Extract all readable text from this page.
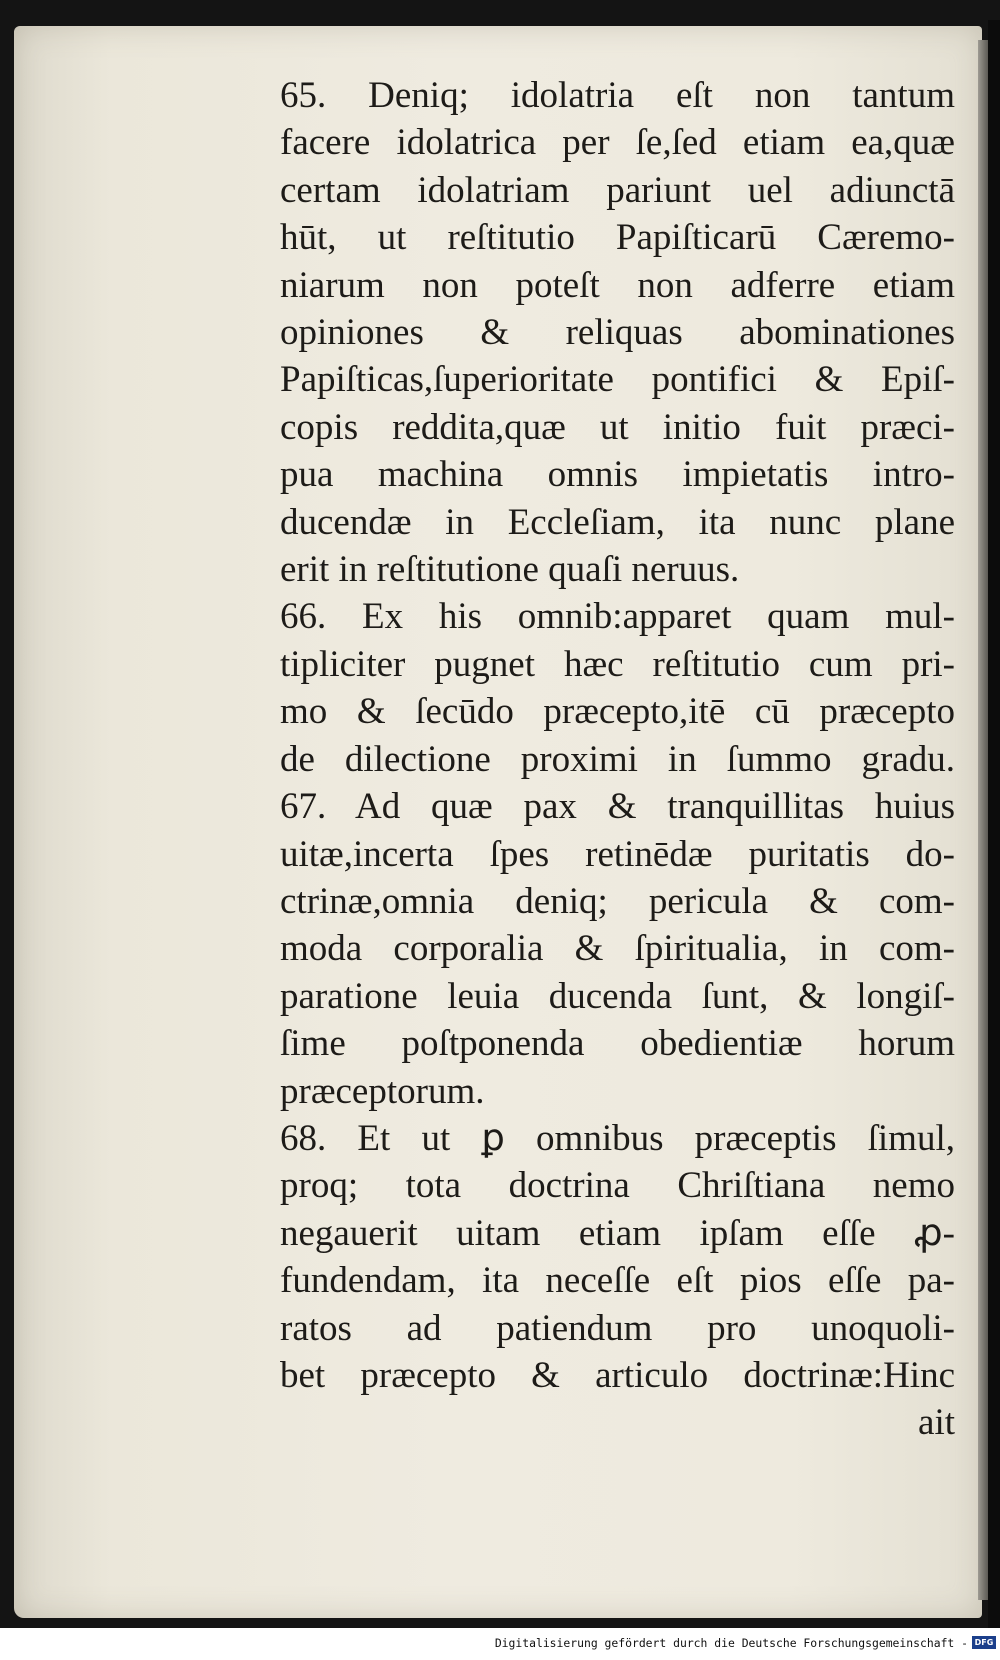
65. Deniq; idolatria eſt non tantum
facere idolatrica per ſe,ſed etiam ea,quæ
certam idolatriam pariunt uel adiunctā
hūt, ut reſtitutio Papiſticarū Cæremo-
niarum non poteſt non adferre etiam
opiniones & reliquas abominationes
Papiſticas,ſuperioritate pontifici & Epiſ-
copis reddita,quæ ut initio fuit præci-
pua machina omnis impietatis intro-
ducendæ in Eccleſiam, ita nunc plane
erit in reſtitutione quaſi neruus.
66. Ex his omnib:apparet quam mul-
tipliciter pugnet hæc reſtitutio cum pri-
mo & ſecūdo præcepto,itē cū præcepto
de dilectione proximi in ſummo gradu.
67. Ad quæ pax & tranquillitas huius
uitæ,incerta ſpes retinēdæ puritatis do-
ctrinæ,omnia deniq; pericula & com-
moda corporalia & ſpiritualia, in com-
paratione leuia ducenda ſunt, & longiſ-
ſime poſtponenda obedientiæ horum
præceptorum.
68. Et ut ꝑ omnibus præceptis ſimul,
proq; tota doctrina Chriſtiana nemo
negauerit uitam etiam ipſam eſſe ꝓ-
fundendam, ita neceſſe eſt pios eſſe pa-
ratos ad patiendum pro unoquoli-
bet præcepto & articulo doctrinæ:Hinc
ait
Digitalisierung gefördert durch die Deutsche Forschungsgemeinschaft - DFG
